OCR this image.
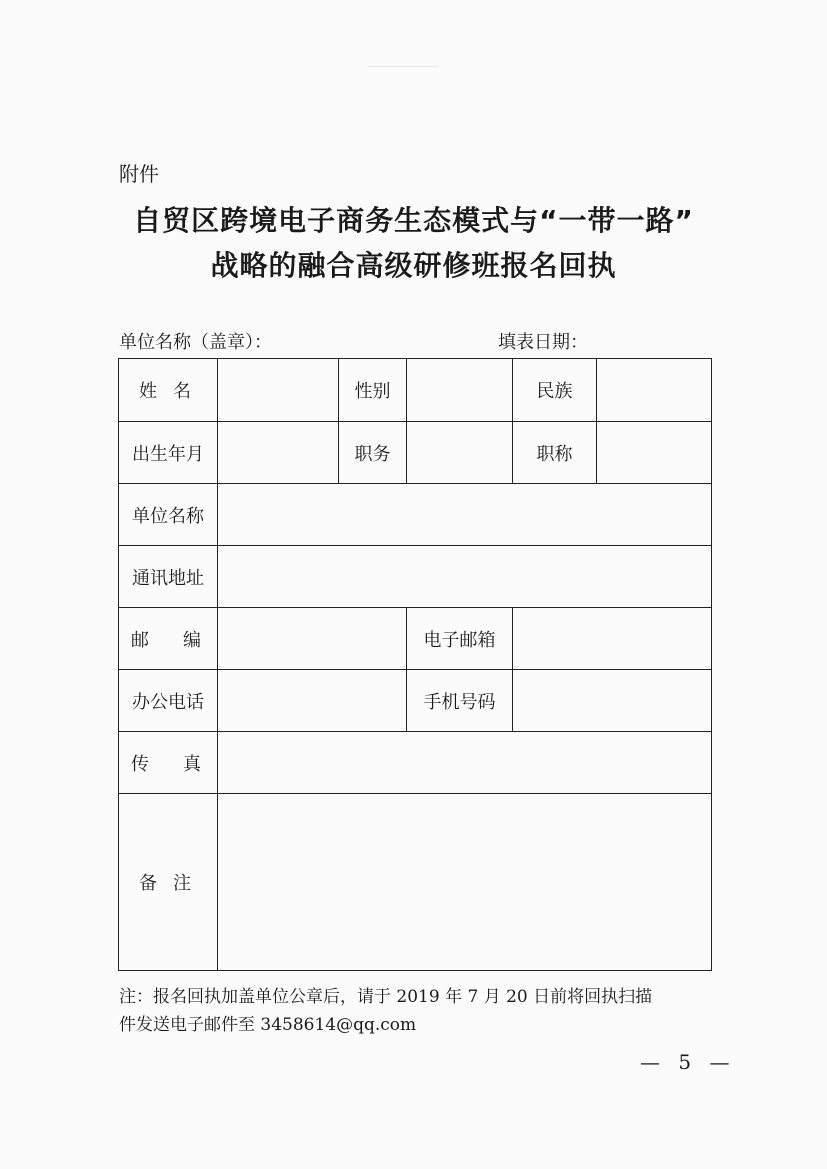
附件
自贸区跨境电子商务生态模式与“一带一路”
战略的融合高级研修班报名回执
单位名称（盖章）：	填表日期：
姓 名		性别		民族	
出生年月		职务		职称	
单位名称					
通讯地址					

邮 编			电子邮箱		
办公电话			手机号码		

传 真					

备 注					

注：报名回执加盖单位公章后，请于 2019 年 7 月 20 日前将回执扫描
件发送电子邮件至 3458614@qq.com
— 5 —
